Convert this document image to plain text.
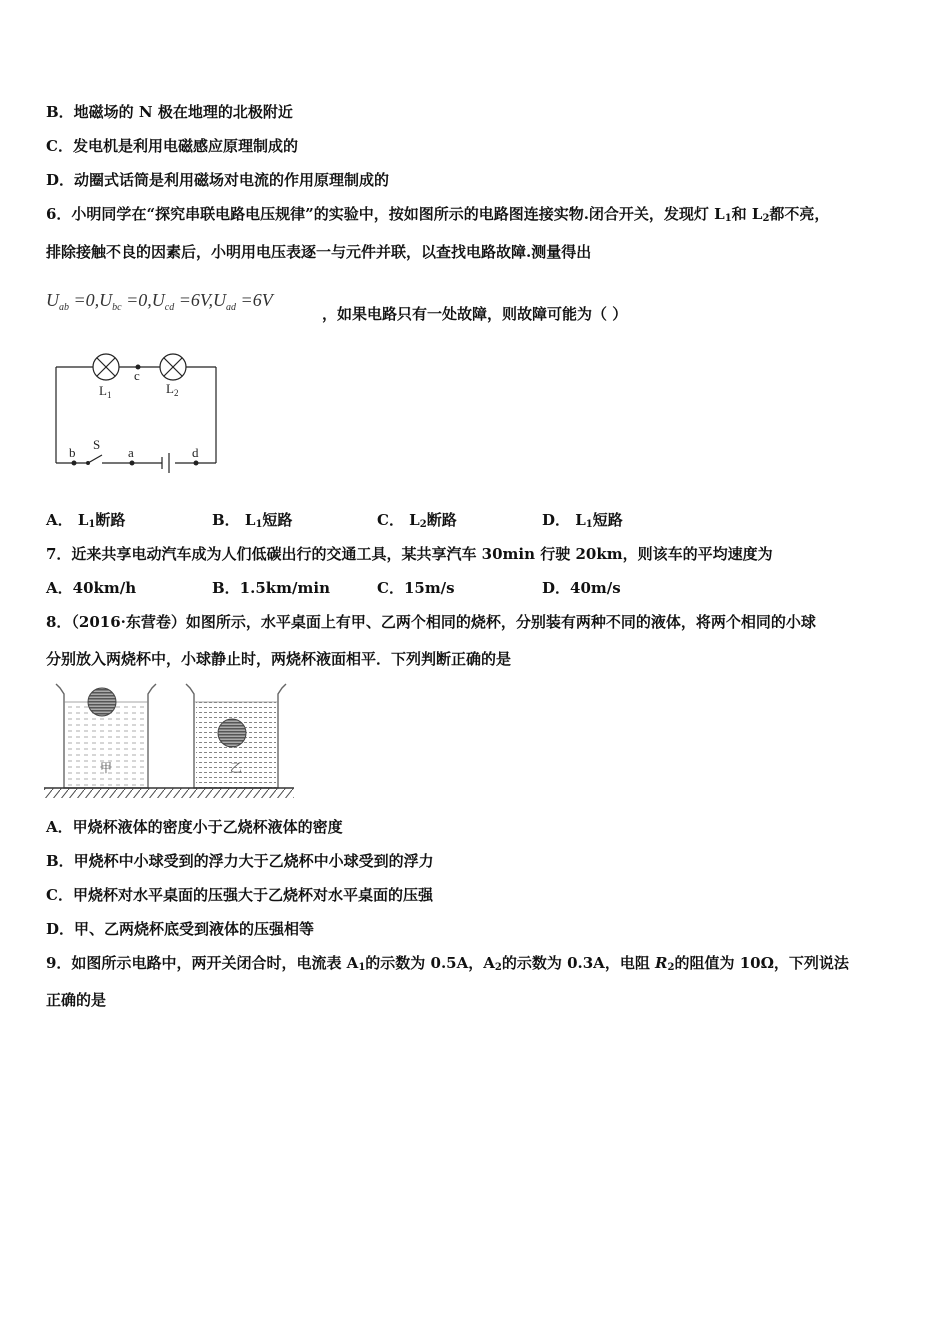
B．地磁场的 N 极在地理的北极附近
C．发电机是利用电磁感应原理制成的
D．动圈式话筒是利用磁场对电流的作用原理制成的
6．小明同学在“探究串联电路电压规律”的实验中，按如图所示的电路图连接实物.闭合开关，发现灯 $L_1$和 $L_2$都不亮，
排除接触不良的因素后，小明用电压表逐一与元件并联，以查找电路故障.测量得出
$U_{ab} =0,U_{bc} =0,U_{cd} =6V,U_{ad} =6V$
，如果电路只有一处故障，则故障可能为（ ）
$L_1$	$L_2$
c
b
S
a	d
A． $L_1$断路	B． $L_1$短路	C． $L_2$断路	D． $L_1$短路
7．近来共享电动汽车成为人们低碳出行的交通工具，某共享汽车 30min 行驶 20km，则该车的平均速度为
A．40km/h	B．1.5km/min	C．15m/s	D．40m/s
8．（2016·东营卷）如图所示，水平桌面上有甲、乙两个相同的烧杯，分别装有两种不同的液体，将两个相同的小球
分别放入两烧杯中，小球静止时，两烧杯液面相平．下列判断正确的是
甲	乙
A．甲烧杯液体的密度小于乙烧杯液体的密度
B．甲烧杯中小球受到的浮力大于乙烧杯中小球受到的浮力
C．甲烧杯对水平桌面的压强大于乙烧杯对水平桌面的压强
D．甲、乙两烧杯底受到液体的压强相等
9．如图所示电路中，两开关闭合时，电流表 $A_1$的示数为 0.5A，$A_2$的示数为 0.3A，电阻 $R_2$的阻值为 10Ω，下列说法
正确的是
